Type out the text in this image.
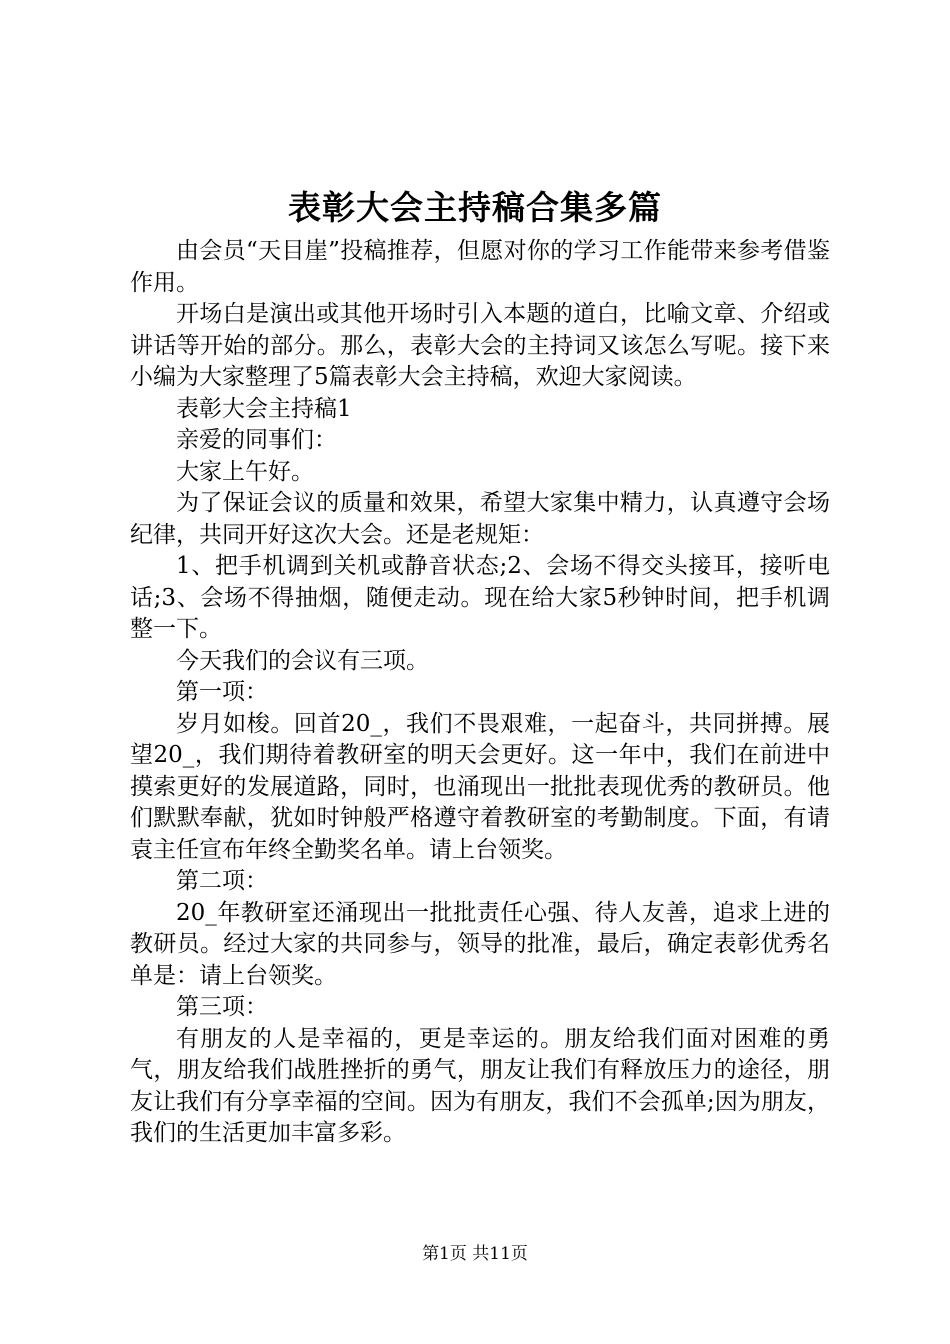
表彰大会主持稿合集多篇

由会员“天目崖”投稿推荐，但愿对你的学习工作能带来参考借鉴作用。

开场白是演出或其他开场时引入本题的道白，比喻文章、介绍或讲话等开始的部分。那么，表彰大会的主持词又该怎么写呢。接下来小编为大家整理了5篇表彰大会主持稿，欢迎大家阅读。

表彰大会主持稿1

亲爱的同事们：

大家上午好。

为了保证会议的质量和效果，希望大家集中精力，认真遵守会场纪律，共同开好这次大会。还是老规矩：

1、把手机调到关机或静音状态;2、会场不得交头接耳，接听电话;3、会场不得抽烟，随便走动。现在给大家5秒钟时间，把手机调整一下。

今天我们的会议有三项。

第一项：

岁月如梭。回首20_，我们不畏艰难，一起奋斗，共同拼搏。展望20_，我们期待着教研室的明天会更好。这一年中，我们在前进中摸索更好的发展道路，同时，也涌现出一批批表现优秀的教研员。他们默默奉献，犹如时钟般严格遵守着教研室的考勤制度。下面，有请袁主任宣布年终全勤奖名单。请上台领奖。

第二项：

20_年教研室还涌现出一批批责任心强、待人友善，追求上进的教研员。经过大家的共同参与，领导的批准，最后，确定表彰优秀名单是：请上台领奖。

第三项：

有朋友的人是幸福的，更是幸运的。朋友给我们面对困难的勇气，朋友给我们战胜挫折的勇气，朋友让我们有释放压力的途径，朋友让我们有分享幸福的空间。因为有朋友，我们不会孤单;因为朋友，我们的生活更加丰富多彩。

第1页 共11页
